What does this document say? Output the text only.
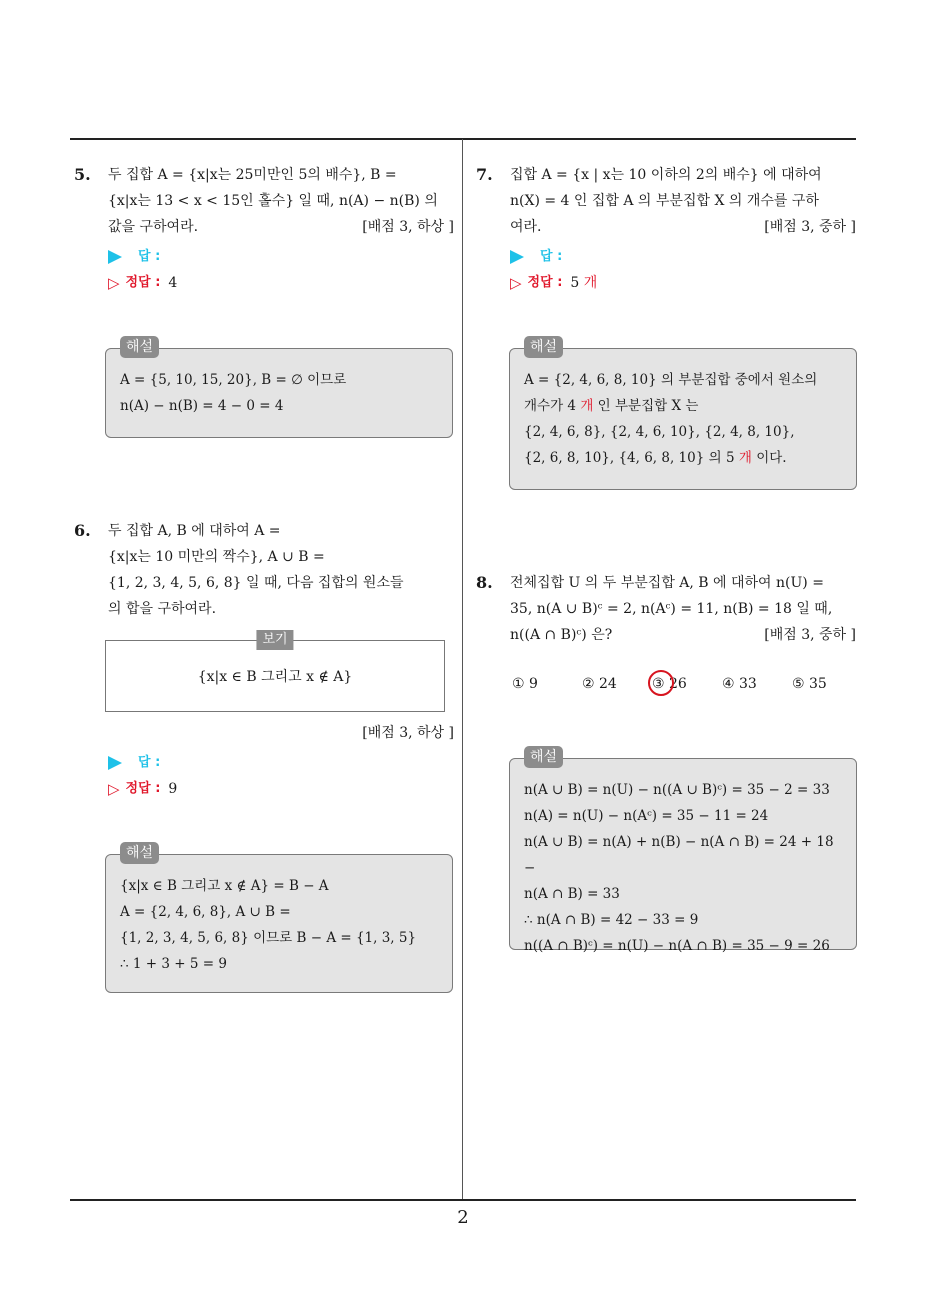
5. 두 집합 A = {x|x는 25미만인 5의 배수}, B =
{x|x는 13 < x < 15인 홀수} 일 때, n(A) − n(B) 의
값을 구하여라.	[배점 3, 하상 ]
답 :
▷ 정답 : 4
해설
A = {5, 10, 15, 20}, B = ∅ 이므로
n(A) − n(B) = 4 − 0 = 4
6. 두 집합 A, B 에 대하여 A =
{x|x는 10 미만의 짝수}, A ∪ B =
{1, 2, 3, 4, 5, 6, 8} 일 때, 다음 집합의 원소들
의 합을 구하여라.
보기
{x|x ∈ B 그리고 x ∉ A}
[배점 3, 하상 ]
답 :
▷ 정답 : 9
해설
{x|x ∈ B 그리고 x ∉ A} = B − A
A = {2, 4, 6, 8}, A ∪ B =
{1, 2, 3, 4, 5, 6, 8} 이므로 B − A = {1, 3, 5}
∴ 1 + 3 + 5 = 9
7. 집합 A = {x | x는 10 이하의 2의 배수} 에 대하여
n(X) = 4 인 집합 A 의 부분집합 X 의 개수를 구하
여라.	[배점 3, 중하 ]
답 :
▷ 정답 : 5
개
해설
A = {2, 4, 6, 8, 10} 의 부분집합 중에서 원소의
개수가 4 개 인 부분집합 X 는
{2, 4, 6, 8}, {2, 4, 6, 10}, {2, 4, 8, 10},
{2, 6, 8, 10}, {4, 6, 8, 10} 의 5 개 이다.
8. 전체집합 U 의 두 부분집합 A, B 에 대하여 n(U) =
35, n(A ∪ B)ᶜ = 2, n(Aᶜ) = 11, n(B) = 18 일 때,
n((A ∩ B)ᶜ) 은?	[배점 3, 중하 ]
① 9	② 24	③ 26	④ 33	⑤ 35
해설
n(A ∪ B) = n(U) − n((A ∪ B)ᶜ) = 35 − 2 = 33
n(A) = n(U) − n(Aᶜ) = 35 − 11 = 24
n(A ∪ B) = n(A) + n(B) − n(A ∩ B) = 24 + 18 −
n(A ∩ B) = 33
∴ n(A ∩ B) = 42 − 33 = 9
n((A ∩ B)ᶜ) = n(U) − n(A ∩ B) = 35 − 9 = 26
2
